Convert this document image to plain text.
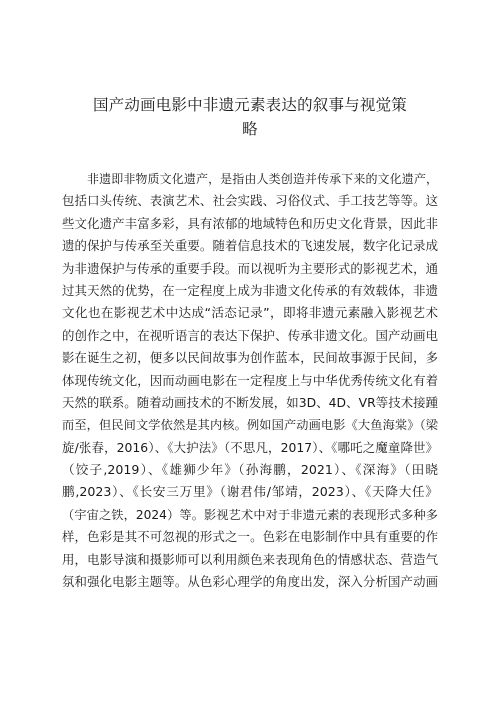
国产动画电影中非遗元素表达的叙事与视觉策
略
非遗即非物质文化遗产，是指由人类创造并传承下来的文化遗产，
包括口头传统、表演艺术、社会实践、习俗仪式、手工技艺等等。这
些文化遗产丰富多彩，具有浓郁的地域特色和历史文化背景，因此非
遗的保护与传承至关重要。随着信息技术的飞速发展，数字化记录成
为非遗保护与传承的重要手段。而以视听为主要形式的影视艺术，通
过其天然的优势，在一定程度上成为非遗文化传承的有效载体，非遗
文化也在影视艺术中达成“活态记录”，即将非遗元素融入影视艺术
的创作之中，在视听语言的表达下保护、传承非遗文化。国产动画电
影在诞生之初，便多以民间故事为创作蓝本，民间故事源于民间，多
体现传统文化，因而动画电影在一定程度上与中华优秀传统文化有着
天然的联系。随着动画技术的不断发展，如3D、4D、VR等技术接踵
而至，但民间文学依然是其内核。例如国产动画电影《大鱼海棠》（梁
旋/张春，2016）、《大护法》（不思凡，2017）、《哪吒之魔童降世》
（饺子,2019）、《雄狮少年》（孙海鹏，2021）、《深海》（田晓
鹏,2023）、《长安三万里》（谢君伟/邹靖，2023）、《天降大任》
（宇宙之铁，2024）等。影视艺术中对于非遗元素的表现形式多种多
样，色彩是其不可忽视的形式之一。色彩在电影制作中具有重要的作
用，电影导演和摄影师可以利用颜色来表现角色的情感状态、营造气
氛和强化电影主题等。从色彩心理学的角度出发，深入分析国产动画
